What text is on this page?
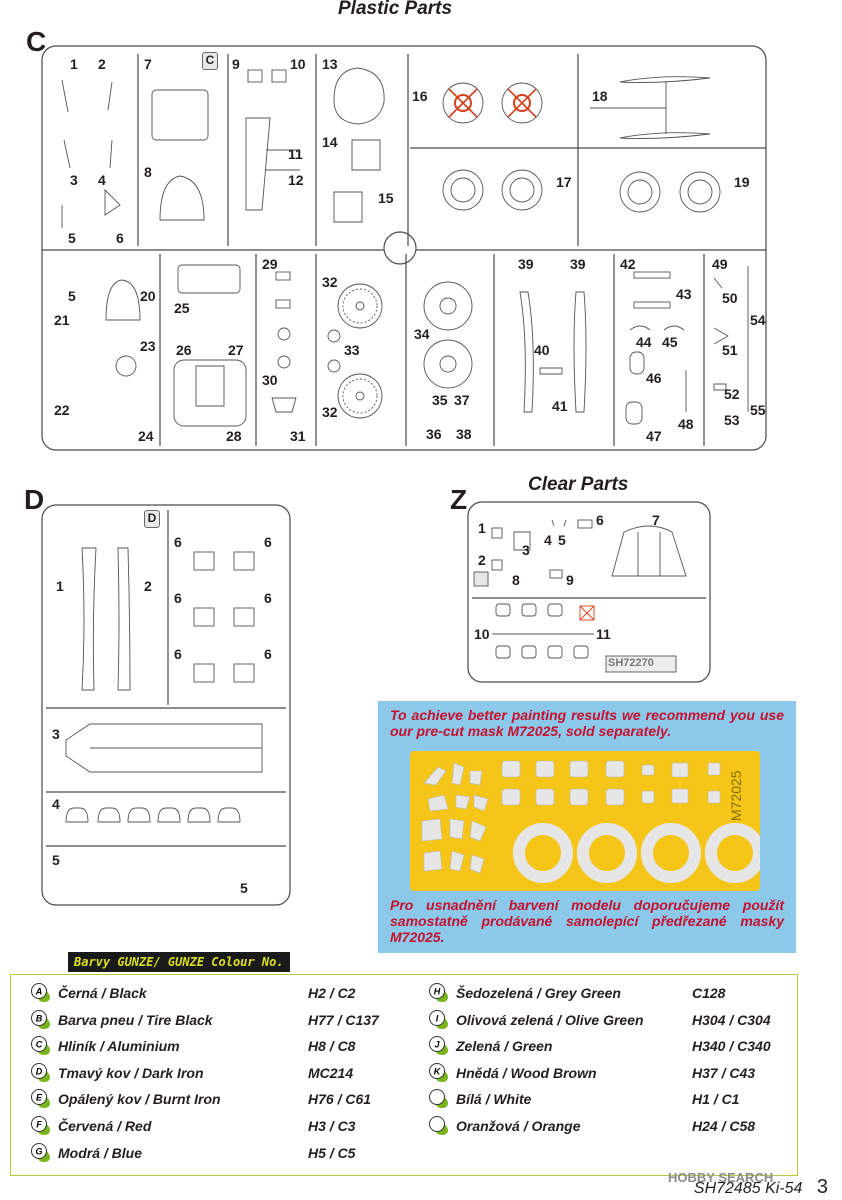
Plastic Parts
Clear Parts
C
D	Z
1 2
3 4
5	6
7
8
9	10
11
12
13
14
15
16
17
18
19
5	20
21
22
23
24
25
26	27
28
29
30
31
32
33
32
34
35
36
37
38
39	39
40
41
42
43
44 45
46
47
48
49
50
51
52
53
54
55
C
D
1	2
6	6
6	6
6	6
3
4
5
5
1
2
3
4 5
6	7
8	9
10	11
SH72270
To achieve better painting results we recommend you use our pre-cut mask M72025, sold separately.
M72025
Pro usnadnění barvení modelu doporučujeme použít samostatně prodávané samolepící předřezané masky M72025.
Barvy GUNZE/ GUNZE Colour No.
A Černá / Black	H2 / C2
B Barva pneu / Tire Black	H77 / C137
C Hliník / Aluminium	H8 / C8
D Tmavý kov / Dark Iron	MC214
E Opálený kov / Burnt Iron	H76 / C61
F Červená / Red	H3 / C3
G Modrá / Blue	H5 / C5
H Šedozelená / Grey Green	C128
I Olivová zelená / Olive Green	H304 / C304
J Zelená / Green	H340 / C340
K Hnědá / Wood Brown	H37 / C43
Bílá / White	H1 / C1
Oranžová / Orange	H24 / C58
HOBBY SEARCH
SH72485 Ki-54 3
